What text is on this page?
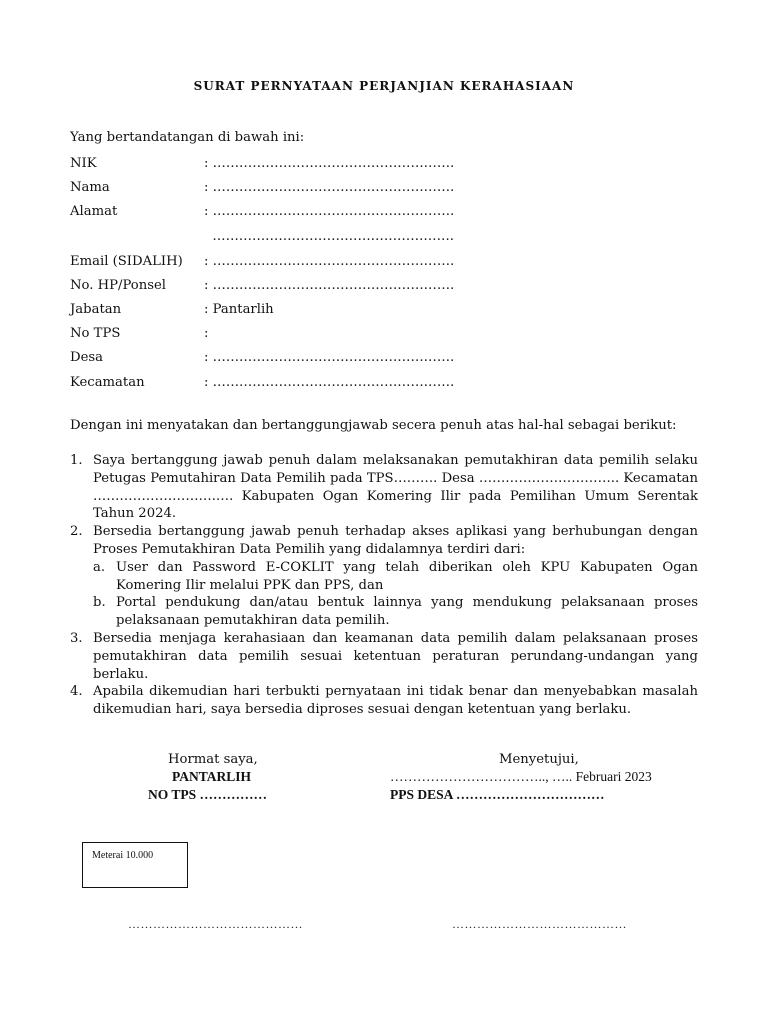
SURAT PERNYATAAN PERJANJIAN KERAHASIAAN
Yang bertandatangan di bawah ini:
NIK	: ……………………………………………….
Nama	: ……………………………………………….
Alamat	: ……………………………………………….
……………………………………………….
Email (SIDALIH) : ……………………………………………….
No. HP/Ponsel	: ……………………………………………….
Jabatan	: Pantarlih
No TPS	:
Desa	: ……………………………………………….
Kecamatan	: ……………………………………………….
Dengan ini menyatakan dan bertanggungjawab secera penuh atas hal-hal sebagai berikut:
1. Saya bertanggung jawab penuh dalam melaksanakan pemutakhiran data pemilih selaku Petugas Pemutahiran Data Pemilih pada TPS………. Desa ………………………….. Kecamatan ……………………….…. Kabupaten Ogan Komering Ilir pada Pemilihan Umum Serentak Tahun 2024.
2. Bersedia bertanggung jawab penuh terhadap akses aplikasi yang berhubungan dengan Proses Pemutakhiran Data Pemilih yang didalamnya terdiri dari:
a. User dan Password E-COKLIT yang telah diberikan oleh KPU Kabupaten Ogan Komering Ilir melalui PPK dan PPS, dan
b. Portal pendukung dan/atau bentuk lainnya yang mendukung pelaksanaan proses pelaksanaan pemutakhiran data pemilih.
3. Bersedia menjaga kerahasiaan dan keamanan data pemilih dalam pelaksanaan proses pemutakhiran data pemilih sesuai ketentuan peraturan perundang-undangan yang berlaku.
4. Apabila dikemudian hari terbukti pernyataan ini tidak benar dan menyebabkan masalah dikemudian hari, saya bersedia diproses sesuai dengan ketentuan yang berlaku.
Hormat saya,
PANTARLIH
NO TPS ……………
Menyetujui,
…………………………….., ….. Februari 2023
PPS DESA ……………………………
Meterai 10.000
……………………………………	……………………………………
